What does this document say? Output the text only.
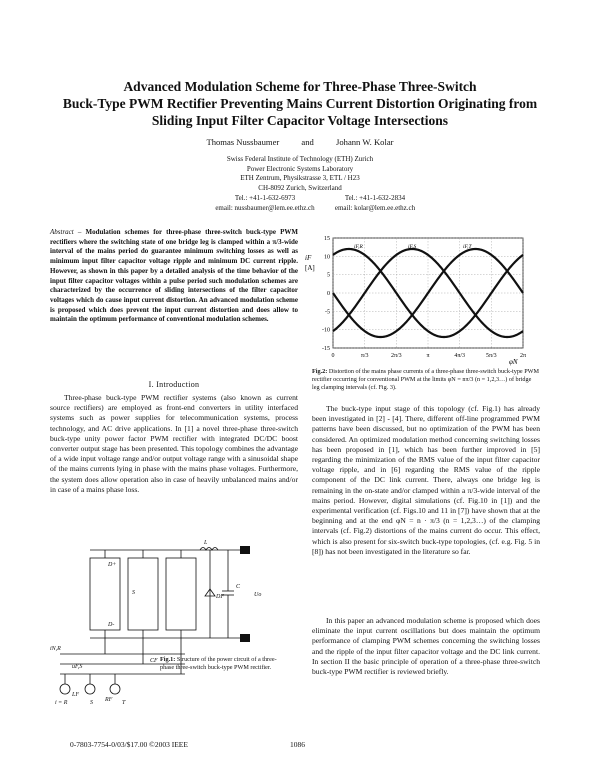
Advanced Modulation Scheme for Three-Phase Three-Switch
Buck-Type PWM Rectifier Preventing Mains Current Distortion Originating from
Sliding Input Filter Capacitor Voltage Intersections
Thomas Nussbaumer	and	Johann W. Kolar
Swiss Federal Institute of Technology (ETH) Zurich
Power Electronic Systems Laboratory
ETH Zentrum, Physikstrasse 3, ETL / H23
CH-8092 Zurich, Switzerland
Tel.: +41-1-632-6973
email: nussbaumer@lem.ee.ethz.ch
Tel.: +41-1-632-2834
email: kolar@lem.ee.ethz.ch
Abstract – Modulation schemes for three-phase three-switch buck-type PWM rectifiers where the switching state of one bridge leg is clamped within a π/3-wide interval of the mains period do guarantee minimum switching losses as well as minimum input filter capacitor voltage ripple and minimum DC current ripple. However, as shown in this paper by a detailed analysis of the time behavior of the input filter capacitor voltages within a pulse period such modulation schemes are characterized by the occurrence of sliding intersections of the filter capacitor voltages which do cause input current distortion. An advanced modulation scheme is proposed which does prevent the input current distortion and does allow to maintain the optimum performance of conventional modulation schemes.
I. Introduction

Three-phase buck-type PWM rectifier systems (also known as current source rectifiers) are employed as front-end converters in utility interfaced systems such as power supplies for telecommunication systems, process technology, and AC drive applications. In [1] a novel three-phase three-switch buck-type unity power factor PWM rectifier with integrated DC/DC boost converter output stage has been presented. This topology combines the advantage of a wide input voltage range and/or output voltage range with a sinusoidal shape of the mains currents lying in phase with the mains phase voltages. Furthermore, the system does allow operation also in case of heavily unbalanced mains and/or in case of a mains phase loss.

D+
D-
S
DF
L
C
Uo
iN,R
uF,S
CF
LF
RF
i = R	S	T
Fig.1: Structure of the power circuit of a three-phase three-switch buck-type PWM rectifier.
15
10
5
0
-5
-10
-15
0	π/3	2π/3	π	4π/3	5π/3	2π
iF
[A]
φN
iF,R	iF,S	iF,T
Fig.2: Distortion of the mains phase currents of a three-phase three-switch buck-type PWM rectifier occurring for conventional PWM at the limits φN = nπ/3 (n = 1,2,3…) of bridge leg clamping intervals (cf. Fig. 3).

The buck-type input stage of this topology (cf. Fig.1) has already been investigated in [2] - [4]. There, different off-line programmed PWM patterns have been discussed, but no optimization of the PWM has been considered. An optimized modulation method concerning switching losses has been proposed in [1], which has been further improved in [5] regarding the minimization of the RMS value of the input filter capacitor voltage ripple, and in [6] regarding the RMS value of the ripple component of the DC link current. There, always one bridge leg is remaining in the on-state and/or clamped within a π/3-wide interval of the mains period. However, digital simulations (cf. Fig.10 in [1]) and the experimental verification (cf. Figs.10 and 11 in [7]) have shown that at the beginning and at the end φN = n · π/3 (n = 1,2,3…) of the clamping intervals (cf. Fig.2) distortions of the mains current do occur. This effect, which is also present for six-switch buck-type topologies, (cf. e.g. Fig. 5 in [8]) has not been investigated in the literature so far.

In this paper an advanced modulation scheme is proposed which does eliminate the input current oscillations but does maintain the optimum performance of clamping PWM schemes concerning the switching losses and the ripple of the input filter capacitor voltage and the DC link current. In section II the basic principle of operation of a three-phase three-switch buck-type PWM rectifier is reviewed briefly.

0-7803-7754-0/03/$17.00 ©2003 IEEE	1086
